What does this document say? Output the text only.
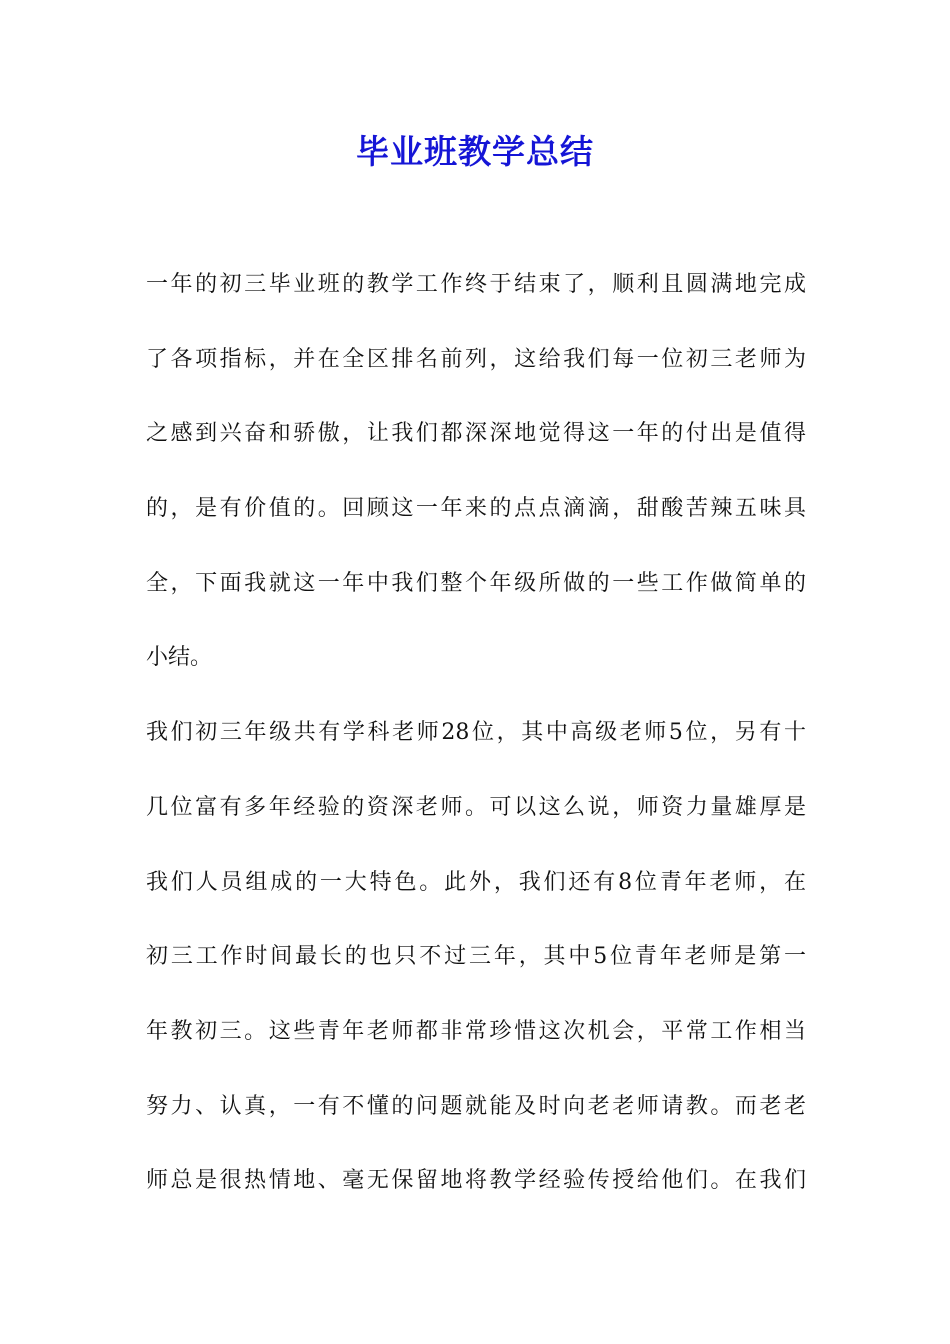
毕业班教学总结
一年的初三毕业班的教学工作终于结束了，顺利且圆满地完成
了各项指标，并在全区排名前列，这给我们每一位初三老师为
之感到兴奋和骄傲，让我们都深深地觉得这一年的付出是值得
的，是有价值的。回顾这一年来的点点滴滴，甜酸苦辣五味具
全，下面我就这一年中我们整个年级所做的一些工作做简单的
小结。
我们初三年级共有学科老师28位，其中高级老师5位，另有十
几位富有多年经验的资深老师。可以这么说，师资力量雄厚是
我们人员组成的一大特色。此外，我们还有8位青年老师，在
初三工作时间最长的也只不过三年，其中5位青年老师是第一
年教初三。这些青年老师都非常珍惜这次机会，平常工作相当
努力、认真，一有不懂的问题就能及时向老老师请教。而老老
师总是很热情地、毫无保留地将教学经验传授给他们。在我们
